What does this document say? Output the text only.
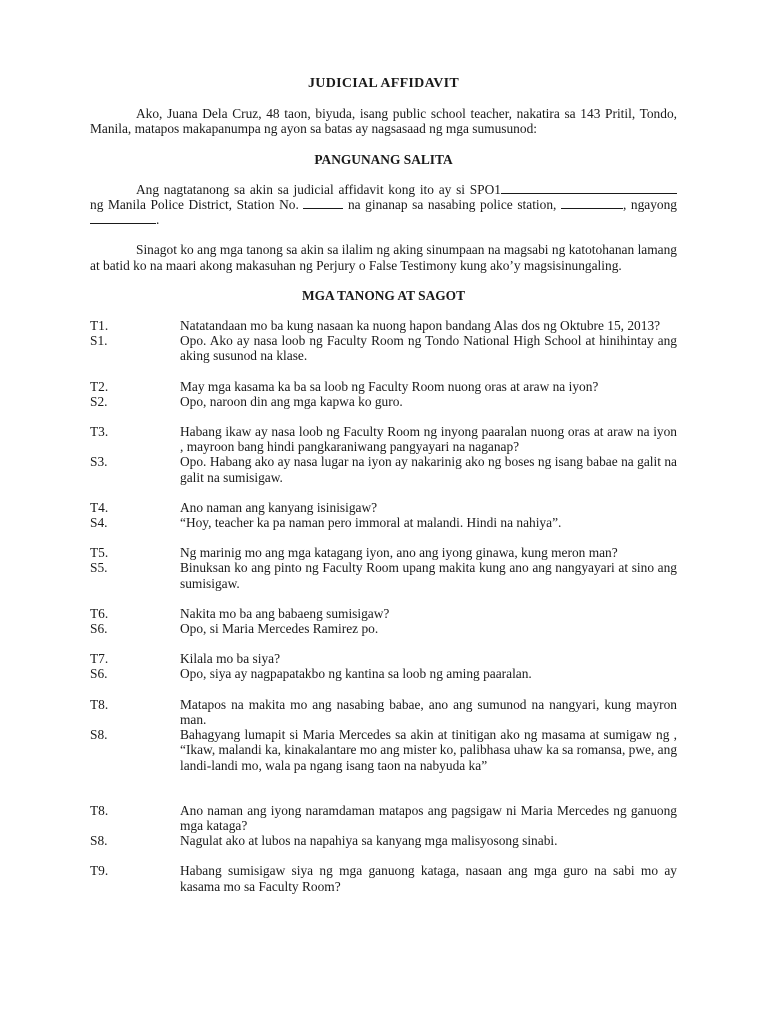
JUDICIAL AFFIDAVIT

Ako, Juana Dela Cruz, 48 taon, biyuda, isang public school teacher, nakatira sa 143 Pritil, Tondo, Manila, matapos makapanumpa ng ayon sa batas ay nagsasaad ng mga sumusunod:

PANGUNANG SALITA

Ang nagtatanong sa akin sa judicial affidavit kong ito ay si SPO1 ng Manila Police District, Station No.	na ginanap sa nasabing police station,	, ngayong .

Sinagot ko ang mga tanong sa akin sa ilalim ng aking sinumpaan na magsabi ng katotohanan lamang at batid ko na maari akong makasuhan ng Perjury o False Testimony kung ako’y magsisinungaling.

MGA TANONG AT SAGOT

T1.	Natatandaan mo ba kung nasaan ka nuong hapon bandang Alas dos ng Oktubre 15, 2013?
S1.	Opo. Ako ay nasa loob ng Faculty Room ng Tondo National High School at hinihintay ang aking susunod na klase.
T2.	May mga kasama ka ba sa loob ng Faculty Room nuong oras at araw na iyon?
S2.	Opo, naroon din ang mga kapwa ko guro.
T3.	Habang ikaw ay nasa loob ng Faculty Room ng inyong paaralan nuong oras at araw na iyon , mayroon bang hindi pangkaraniwang pangyayari na naganap?
S3.	Opo. Habang ako ay nasa lugar na iyon ay nakarinig ako ng boses ng isang babae na galit na galit na sumisigaw.
T4.	Ano naman ang kanyang isinisigaw?
S4.	“Hoy, teacher ka pa naman pero immoral at malandi. Hindi na nahiya”.
T5.	Ng marinig mo ang mga katagang iyon, ano ang iyong ginawa, kung meron man?
S5.	Binuksan ko ang pinto ng Faculty Room upang makita kung ano ang nangyayari at sino ang sumisigaw.
T6.	Nakita mo ba ang babaeng sumisigaw?
S6.	Opo, si Maria Mercedes Ramirez po.
T7.	Kilala mo ba siya?
S6.	Opo, siya ay nagpapatakbo ng kantina sa loob ng aming paaralan.
T8.	Matapos na makita mo ang nasabing babae, ano ang sumunod na nangyari, kung mayron man.
S8.	Bahagyang lumapit si Maria Mercedes sa akin at tinitigan ako ng masama at sumigaw ng , “Ikaw, malandi ka, kinakalantare mo ang mister ko, palibhasa uhaw ka sa romansa, pwe, ang landi-landi mo, wala pa ngang isang taon na nabyuda ka”
T8.	Ano naman ang iyong naramdaman matapos ang pagsigaw ni Maria Mercedes ng ganuong mga kataga?
S8.	Nagulat ako at lubos na napahiya sa kanyang mga malisyosong sinabi.
T9.	Habang sumisigaw siya ng mga ganuong kataga, nasaan ang mga guro na sabi mo ay kasama mo sa Faculty Room?
